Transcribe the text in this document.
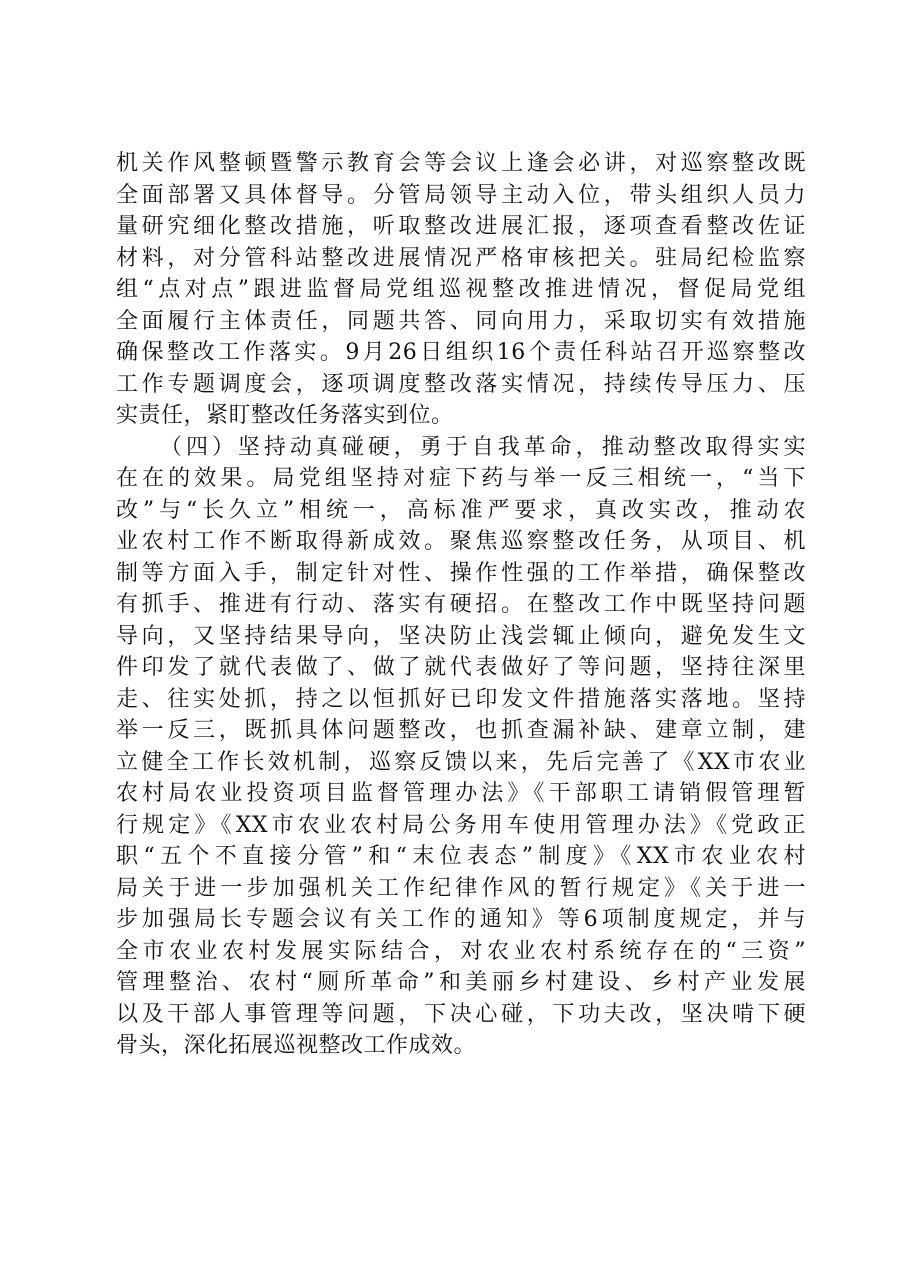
机关作风整顿暨警示教育会等会议上逢会必讲，对巡察整改既
全面部署又具体督导。分管局领导主动入位，带头组织人员力
量研究细化整改措施，听取整改进展汇报，逐项查看整改佐证
材料，对分管科站整改进展情况严格审核把关。驻局纪检监察
组“点对点”跟进监督局党组巡视整改推进情况，督促局党组
全面履行主体责任，同题共答、同向用力，采取切实有效措施
确保整改工作落实。9月26日组织16个责任科站召开巡察整改
工作专题调度会，逐项调度整改落实情况，持续传导压力、压
实责任，紧盯整改任务落实到位。
（四）坚持动真碰硬，勇于自我革命，推动整改取得实实
在在的效果。局党组坚持对症下药与举一反三相统一，“当下
改”与“长久立”相统一，高标准严要求，真改实改，推动农
业农村工作不断取得新成效。聚焦巡察整改任务，从项目、机
制等方面入手，制定针对性、操作性强的工作举措，确保整改
有抓手、推进有行动、落实有硬招。在整改工作中既坚持问题
导向，又坚持结果导向，坚决防止浅尝辄止倾向，避免发生文
件印发了就代表做了、做了就代表做好了等问题，坚持往深里
走、往实处抓，持之以恒抓好已印发文件措施落实落地。坚持
举一反三，既抓具体问题整改，也抓查漏补缺、建章立制，建
立健全工作长效机制，巡察反馈以来，先后完善了《XX市农业
农村局农业投资项目监督管理办法》《干部职工请销假管理暂
行规定》《XX市农业农村局公务用车使用管理办法》《党政正
职“五个不直接分管”和“末位表态”制度》《XX市农业农村
局关于进一步加强机关工作纪律作风的暂行规定》《关于进一
步加强局长专题会议有关工作的通知》等6项制度规定，并与
全市农业农村发展实际结合，对农业农村系统存在的“三资”
管理整治、农村“厕所革命”和美丽乡村建设、乡村产业发展
以及干部人事管理等问题，下决心碰，下功夫改，坚决啃下硬
骨头，深化拓展巡视整改工作成效。
